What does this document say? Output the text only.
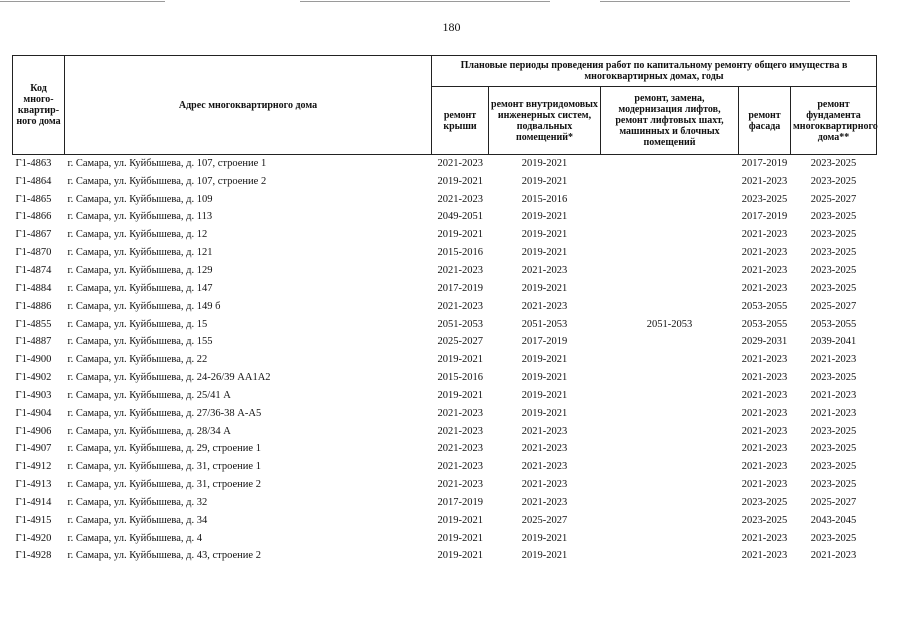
180
Код много-квартир-ного дома	Адрес многоквартирного дома	Плановые периоды проведения работ по капитальному ремонту общего имущества в многоквартирных домах, годы				
		ремонт крыши	ремонт внутридомовых инженерных систем, подвальных помещений*	ремонт, замена, модернизация лифтов, ремонт лифтовых шахт, машинных и блочных помещений	ремонт фасада	ремонт фундамента многоквартирного дома**
Г1-4863	г. Самара, ул. Куйбышева, д. 107, строение 1	2021-2023	2019-2021		2017-2019	2023-2025
Г1-4864	г. Самара, ул. Куйбышева, д. 107, строение 2	2019-2021	2019-2021		2021-2023	2023-2025
Г1-4865	г. Самара, ул. Куйбышева, д. 109	2021-2023	2015-2016		2023-2025	2025-2027
Г1-4866	г. Самара, ул. Куйбышева, д. 113	2049-2051	2019-2021		2017-2019	2023-2025
Г1-4867	г. Самара, ул. Куйбышева, д. 12	2019-2021	2019-2021		2021-2023	2023-2025
Г1-4870	г. Самара, ул. Куйбышева, д. 121	2015-2016	2019-2021		2021-2023	2023-2025
Г1-4874	г. Самара, ул. Куйбышева, д. 129	2021-2023	2021-2023		2021-2023	2023-2025
Г1-4884	г. Самара, ул. Куйбышева, д. 147	2017-2019	2019-2021		2021-2023	2023-2025
Г1-4886	г. Самара, ул. Куйбышева, д. 149 б	2021-2023	2021-2023		2053-2055	2025-2027
Г1-4855	г. Самара, ул. Куйбышева, д. 15	2051-2053	2051-2053	2051-2053	2053-2055	2053-2055
Г1-4887	г. Самара, ул. Куйбышева, д. 155	2025-2027	2017-2019		2029-2031	2039-2041
Г1-4900	г. Самара, ул. Куйбышева, д. 22	2019-2021	2019-2021		2021-2023	2021-2023
Г1-4902	г. Самара, ул. Куйбышева, д. 24-26/39 АА1А2	2015-2016	2019-2021		2021-2023	2023-2025
Г1-4903	г. Самара, ул. Куйбышева, д. 25/41 А	2019-2021	2019-2021		2021-2023	2021-2023
Г1-4904	г. Самара, ул. Куйбышева, д. 27/36-38 А-А5	2021-2023	2019-2021		2021-2023	2021-2023
Г1-4906	г. Самара, ул. Куйбышева, д. 28/34 А	2021-2023	2021-2023		2021-2023	2023-2025
Г1-4907	г. Самара, ул. Куйбышева, д. 29, строение 1	2021-2023	2021-2023		2021-2023	2023-2025
Г1-4912	г. Самара, ул. Куйбышева, д. 31, строение 1	2021-2023	2021-2023		2021-2023	2023-2025
Г1-4913	г. Самара, ул. Куйбышева, д. 31, строение 2	2021-2023	2021-2023		2021-2023	2023-2025
Г1-4914	г. Самара, ул. Куйбышева, д. 32	2017-2019	2021-2023		2023-2025	2025-2027
Г1-4915	г. Самара, ул. Куйбышева, д. 34	2019-2021	2025-2027		2023-2025	2043-2045
Г1-4920	г. Самара, ул. Куйбышева, д. 4	2019-2021	2019-2021		2021-2023	2023-2025
Г1-4928	г. Самара, ул. Куйбышева, д. 43, строение 2	2019-2021	2019-2021		2021-2023	2021-2023
